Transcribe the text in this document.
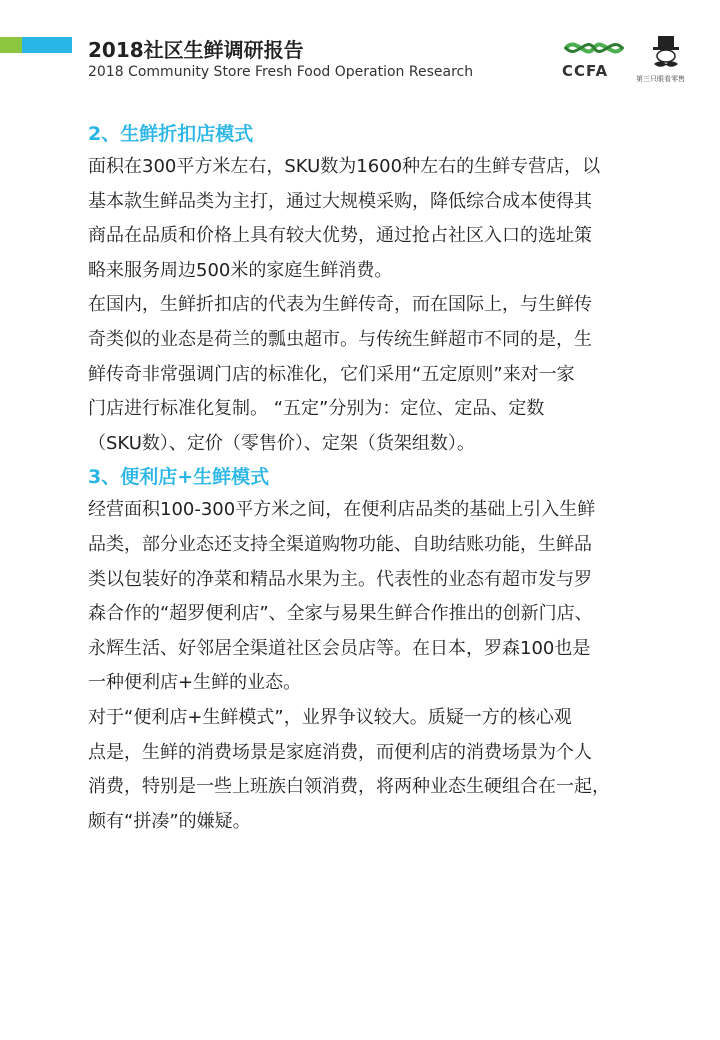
2018社区生鲜调研报告
2018 Community Store Fresh Food Operation Research	CCFA	第三只眼看零售
2、生鲜折扣店模式

面积在300平方米左右，SKU数为1600种左右的生鲜专营店，以
基本款生鲜品类为主打，通过大规模采购，降低综合成本使得其
商品在品质和价格上具有较大优势，通过抢占社区入口的选址策
略来服务周边500米的家庭生鲜消费。

在国内，生鲜折扣店的代表为生鲜传奇，而在国际上，与生鲜传
奇类似的业态是荷兰的瓢虫超市。与传统生鲜超市不同的是，生
鲜传奇非常强调门店的标准化，它们采用“五定原则”来对一家
门店进行标准化复制。 “五定”分别为：定位、定品、定数
（SKU数）、定价（零售价）、定架（货架组数）。

3、便利店+生鲜模式

经营面积100-300平方米之间，在便利店品类的基础上引入生鲜
品类，部分业态还支持全渠道购物功能、自助结账功能，生鲜品
类以包装好的净菜和精品水果为主。代表性的业态有超市发与罗
森合作的“超罗便利店”、全家与易果生鲜合作推出的创新门店、
永辉生活、好邻居全渠道社区会员店等。在日本，罗森100也是
一种便利店+生鲜的业态。

对于“便利店+生鲜模式”，业界争议较大。质疑一方的核心观
点是，生鲜的消费场景是家庭消费，而便利店的消费场景为个人
消费，特别是一些上班族白领消费，将两种业态生硬组合在一起，
颇有“拼凑”的嫌疑。
